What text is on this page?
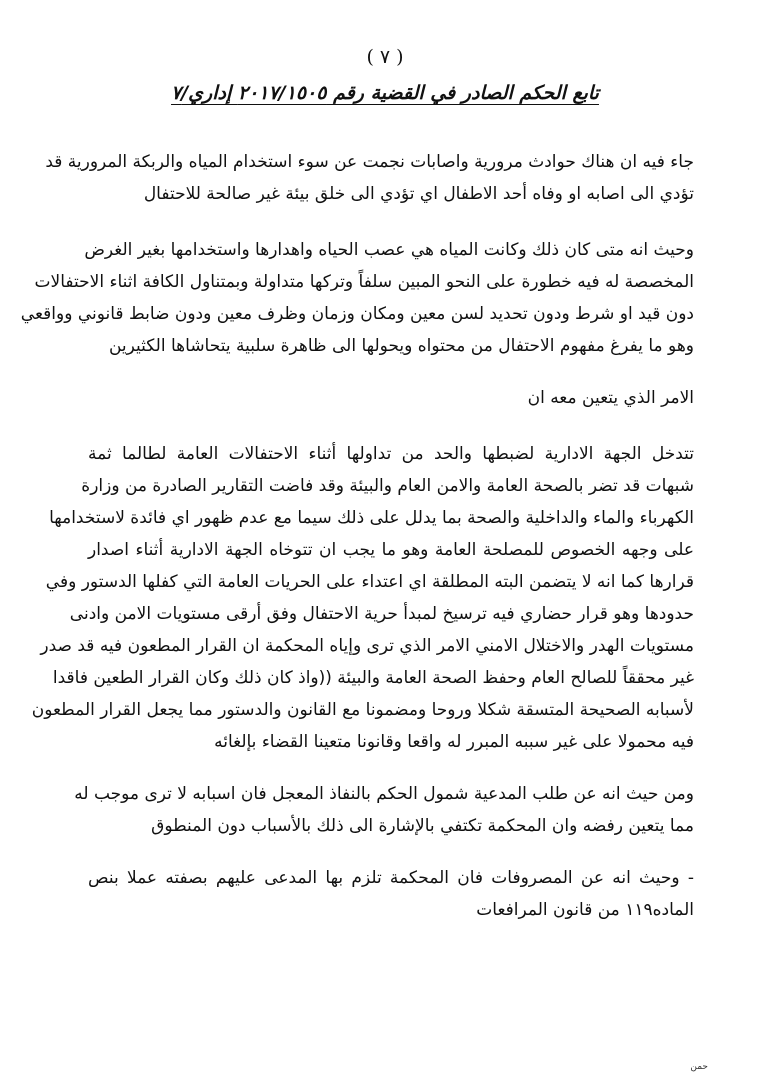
( ٧ )
تابع الحكم الصادر في القضية رقم ٢٠١٧/١٥٠٥ إداري/٧
جاء فيه ان هناك حوادث مرورية واصابات نجمت عن سوء استخدام المياه والربكة المرورية قد
تؤدي الى اصابه او وفاه أحد الاطفال اي تؤدي الى خلق بيئة غير صالحة للاحتفال
وحيث انه متى كان ذلك وكانت المياه هي عصب الحياه واهدارها واستخدامها بغير الغرض
المخصصة له فيه خطورة على النحو المبين سلفاً وتركها متداولة وبمتناول الكافة اثناء الاحتفالات
دون قيد او شرط ودون تحديد لسن معين ومكان وزمان وظرف معين ودون ضابط قانوني وواقعي
وهو ما يفرغ مفهوم الاحتفال من محتواه ويحولها الى ظاهرة سلبية يتحاشاها الكثيرين
الامر الذي يتعين معه ان
تتدخل الجهة الادارية لضبطها والحد من تداولها أثناء الاحتفالات العامة لطالما ثمة
شبهات قد تضر بالصحة العامة والامن العام والبيئة وقد فاضت التقارير الصادرة من وزارة
الكهرباء والماء والداخلية والصحة بما يدلل على ذلك سيما مع عدم ظهور اي فائدة لاستخدامها
على وجهه الخصوص للمصلحة العامة وهو ما يجب ان تتوخاه الجهة الادارية أثناء اصدار
قرارها كما انه لا يتضمن البته المطلقة اي اعتداء على الحريات العامة التي كفلها الدستور وفي
حدودها وهو قرار حضاري فيه ترسيخ لمبدأ حرية الاحتفال وفق أرقى مستويات الامن وادنى
مستويات الهدر والاختلال الامني الامر الذي ترى وإياه المحكمة ان القرار المطعون فيه قد صدر
غير محققاً للصالح العام وحفظ الصحة العامة والبيئة ((واذ كان ذلك وكان القرار الطعين فاقدا
لأسبابه الصحيحة المتسقة شكلا وروحا ومضمونا مع القانون والدستور مما يجعل القرار المطعون
فيه محمولا على غير سببه المبرر له واقعا وقانونا متعينا القضاء بإلغائه
ومن حيث انه عن طلب المدعية شمول الحكم بالنفاذ المعجل فان اسبابه لا ترى موجب له
مما يتعين رفضه وان المحكمة تكتفي بالإشارة الى ذلك بالأسباب دون المنطوق
- وحيث انه عن المصروفات فان المحكمة تلزم بها المدعى عليهم بصفته عملا بنص
الماده١١٩ من قانون المرافعات
حمن
